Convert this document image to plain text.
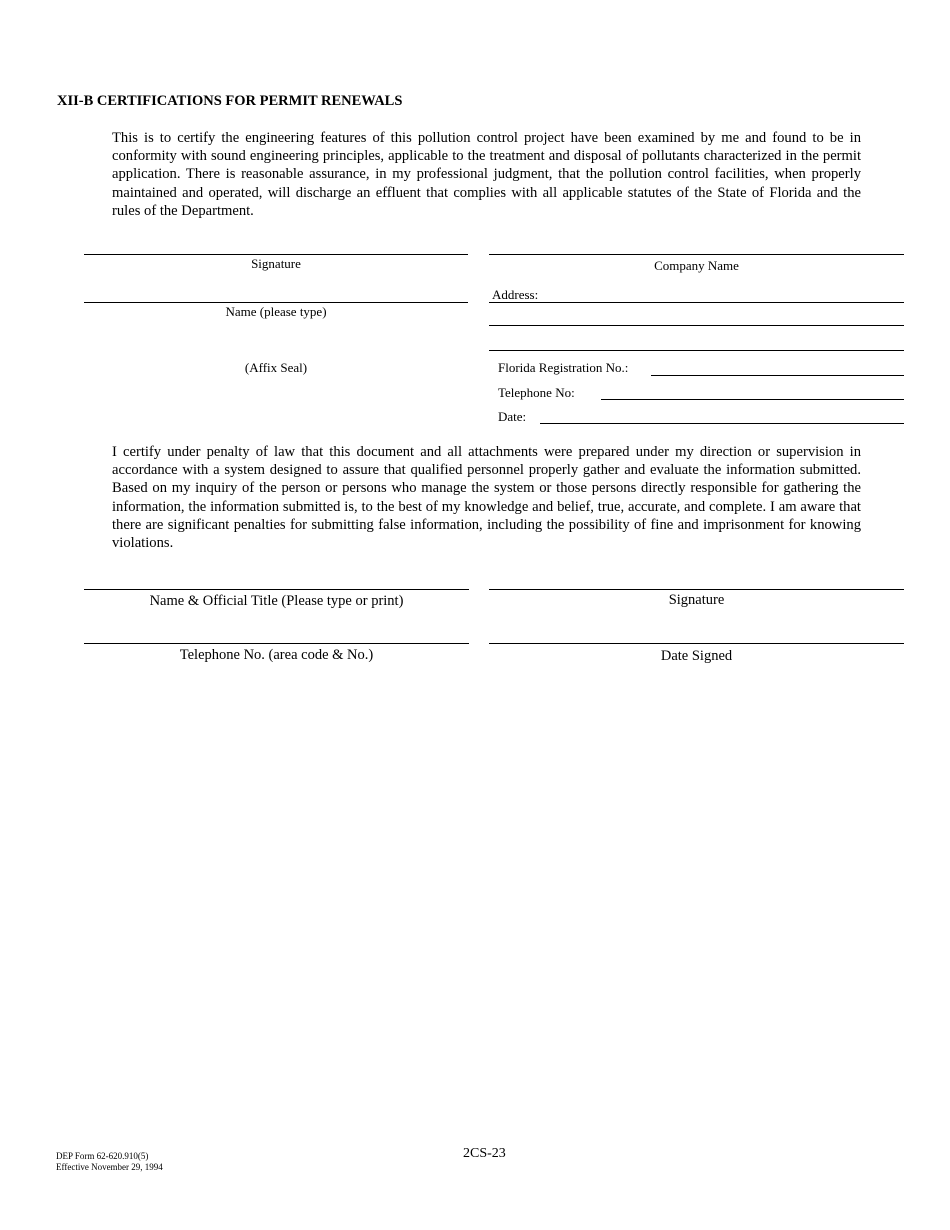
XII-B CERTIFICATIONS FOR PERMIT RENEWALS
This is to certify the engineering features of this pollution control project have been examined by me and found to be in conformity with sound engineering principles, applicable to the treatment and disposal of pollutants characterized in the permit application. There is reasonable assurance, in my professional judgment, that the pollution control facilities, when properly maintained and operated, will discharge an effluent that complies with all applicable statutes of the State of Florida and the rules of the Department.
Signature
Name (please type)
(Affix Seal)
Company Name
Address:
Florida Registration No.:
Telephone No:
Date:
I certify under penalty of law that this document and all attachments were prepared under my direction or supervision in accordance with a system designed to assure that qualified personnel properly gather and evaluate the information submitted. Based on my inquiry of the person or persons who manage the system or those persons directly responsible for gathering the information, the information submitted is, to the best of my knowledge and belief, true, accurate, and complete. I am aware that there are significant penalties for submitting false information, including the possibility of fine and imprisonment for knowing violations.
Name & Official Title (Please type or print)	Signature
Telephone No. (area code & No.)	Date Signed
DEP Form 62-620.910(5)
Effective November 29, 1994
2CS-23
